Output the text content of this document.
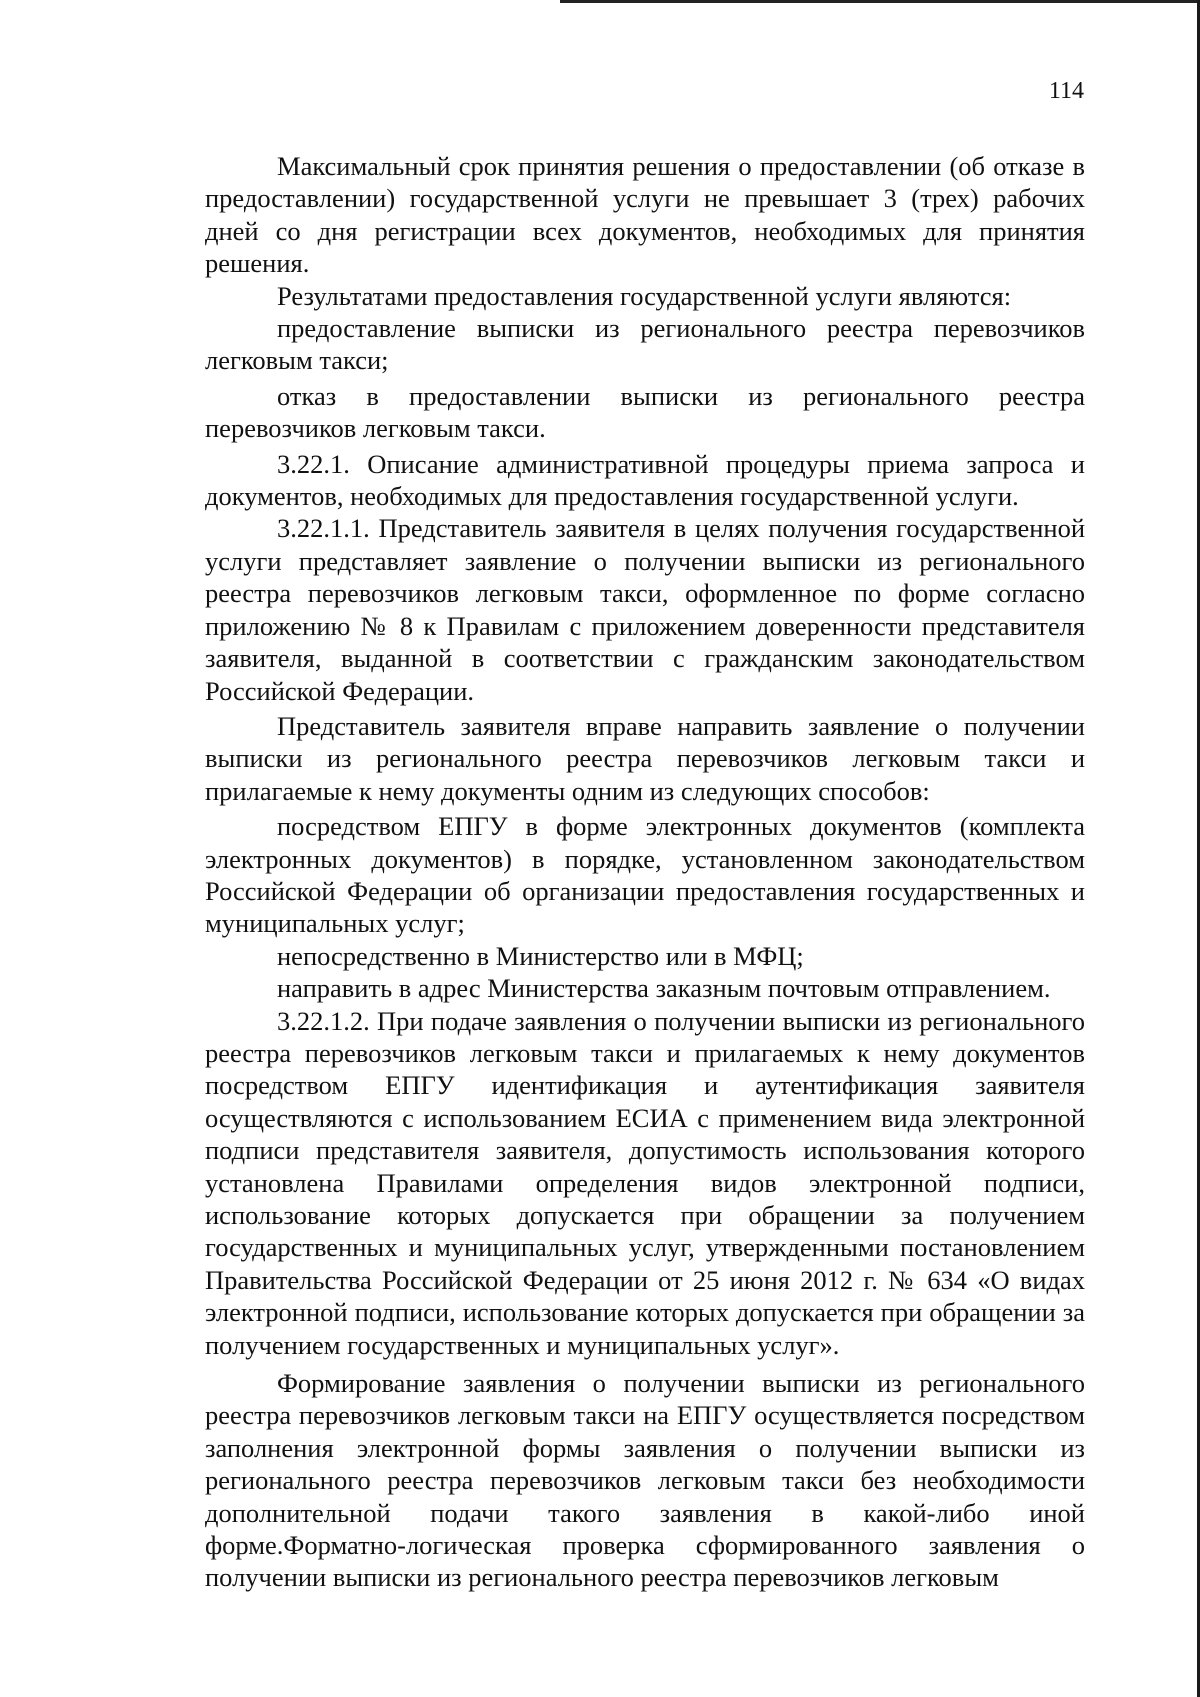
114

Максимальный срок принятия решения о предоставлении (об отказе в предоставлении) государственной услуги не превышает 3 (трех) рабочих дней со дня регистрации всех документов, необходимых для принятия решения.

Результатами предоставления государственной услуги являются:

предоставление выписки из регионального реестра перевозчиков легковым такси;

отказ в предоставлении выписки из регионального реестра перевозчиков легковым такси.

3.22.1. Описание административной процедуры приема запроса и документов, необходимых для предоставления государственной услуги.

3.22.1.1. Представитель заявителя в целях получения государственной услуги представляет заявление о получении выписки из регионального реестра перевозчиков легковым такси, оформленное по форме согласно приложению № 8 к Правилам с приложением доверенности представителя заявителя, выданной в соответствии с гражданским законодательством Российской Федерации.

Представитель заявителя вправе направить заявление о получении выписки из регионального реестра перевозчиков легковым такси и прилагаемые к нему документы одним из следующих способов:

посредством ЕПГУ в форме электронных документов (комплекта электронных документов) в порядке, установленном законодательством Российской Федерации об организации предоставления государственных и муниципальных услуг;

непосредственно в Министерство или в МФЦ;

направить в адрес Министерства заказным почтовым отправлением.

3.22.1.2. При подаче заявления о получении выписки из регионального реестра перевозчиков легковым такси и прилагаемых к нему документов посредством ЕПГУ идентификация и аутентификация заявителя осуществляются с использованием ЕСИА с применением вида электронной подписи представителя заявителя, допустимость использования которого установлена Правилами определения видов электронной подписи, использование которых допускается при обращении за получением государственных и муниципальных услуг, утвержденными постановлением Правительства Российской Федерации от 25 июня 2012 г. № 634 «О видах электронной подписи, использование которых допускается при обращении за получением государственных и муниципальных услуг».

Формирование заявления о получении выписки из регионального реестра перевозчиков легковым такси на ЕПГУ осуществляется посредством заполнения электронной формы заявления о получении выписки из регионального реестра перевозчиков легковым такси без необходимости дополнительной подачи такого заявления в какой-либо иной форме.Форматно-логическая проверка сформированного заявления о получении выписки из регионального реестра перевозчиков легковым
